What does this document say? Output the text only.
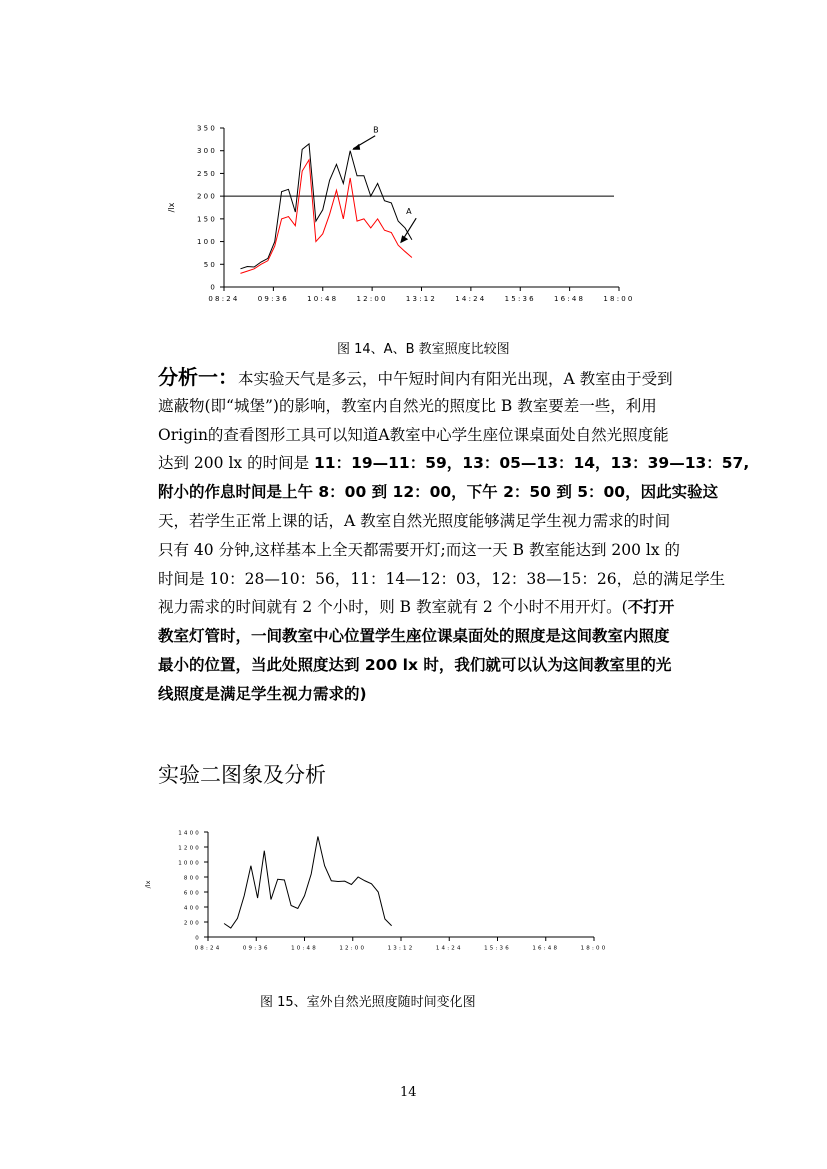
0
50
100
150
200
250
300
350
08:24	09:36	10:48	12:00	13:12	14:24	15:36	16:48	18:00
/lx
B
A
图 14、A、B 教室照度比较图
分析一：本实验天气是多云，中午短时间内有阳光出现，A 教室由于受到
遮蔽物(即“城堡”)的影响，教室内自然光的照度比 B 教室要差一些，利用
Origin的查看图形工具可以知道A教室中心学生座位课桌面处自然光照度能
达到 200 lx 的时间是 11：19—11：59，13：05—13：14，13：39—13：57,
附小的作息时间是上午 8：00 到 12：00，下午 2：50 到 5：00，因此实验这
天，若学生正常上课的话，A 教室自然光照度能够满足学生视力需求的时间
只有 40 分钟,这样基本上全天都需要开灯;而这一天 B 教室能达到 200 lx 的
时间是 10：28—10：56，11：14—12：03，12：38—15：26，总的满足学生
视力需求的时间就有 2 个小时，则 B 教室就有 2 个小时不用开灯。(不打开
教室灯管时，一间教室中心位置学生座位课桌面处的照度是这间教室内照度
最小的位置，当此处照度达到 200 lx 时，我们就可以认为这间教室里的光
线照度是满足学生视力需求的)
实验二图象及分析
0
200
400
600
800
1000
1200
1400
08:24	09:36	10:48	12:00	13:12	14:24	15:36	16:48	18:00
/lx
图 15、室外自然光照度随时间变化图
14
